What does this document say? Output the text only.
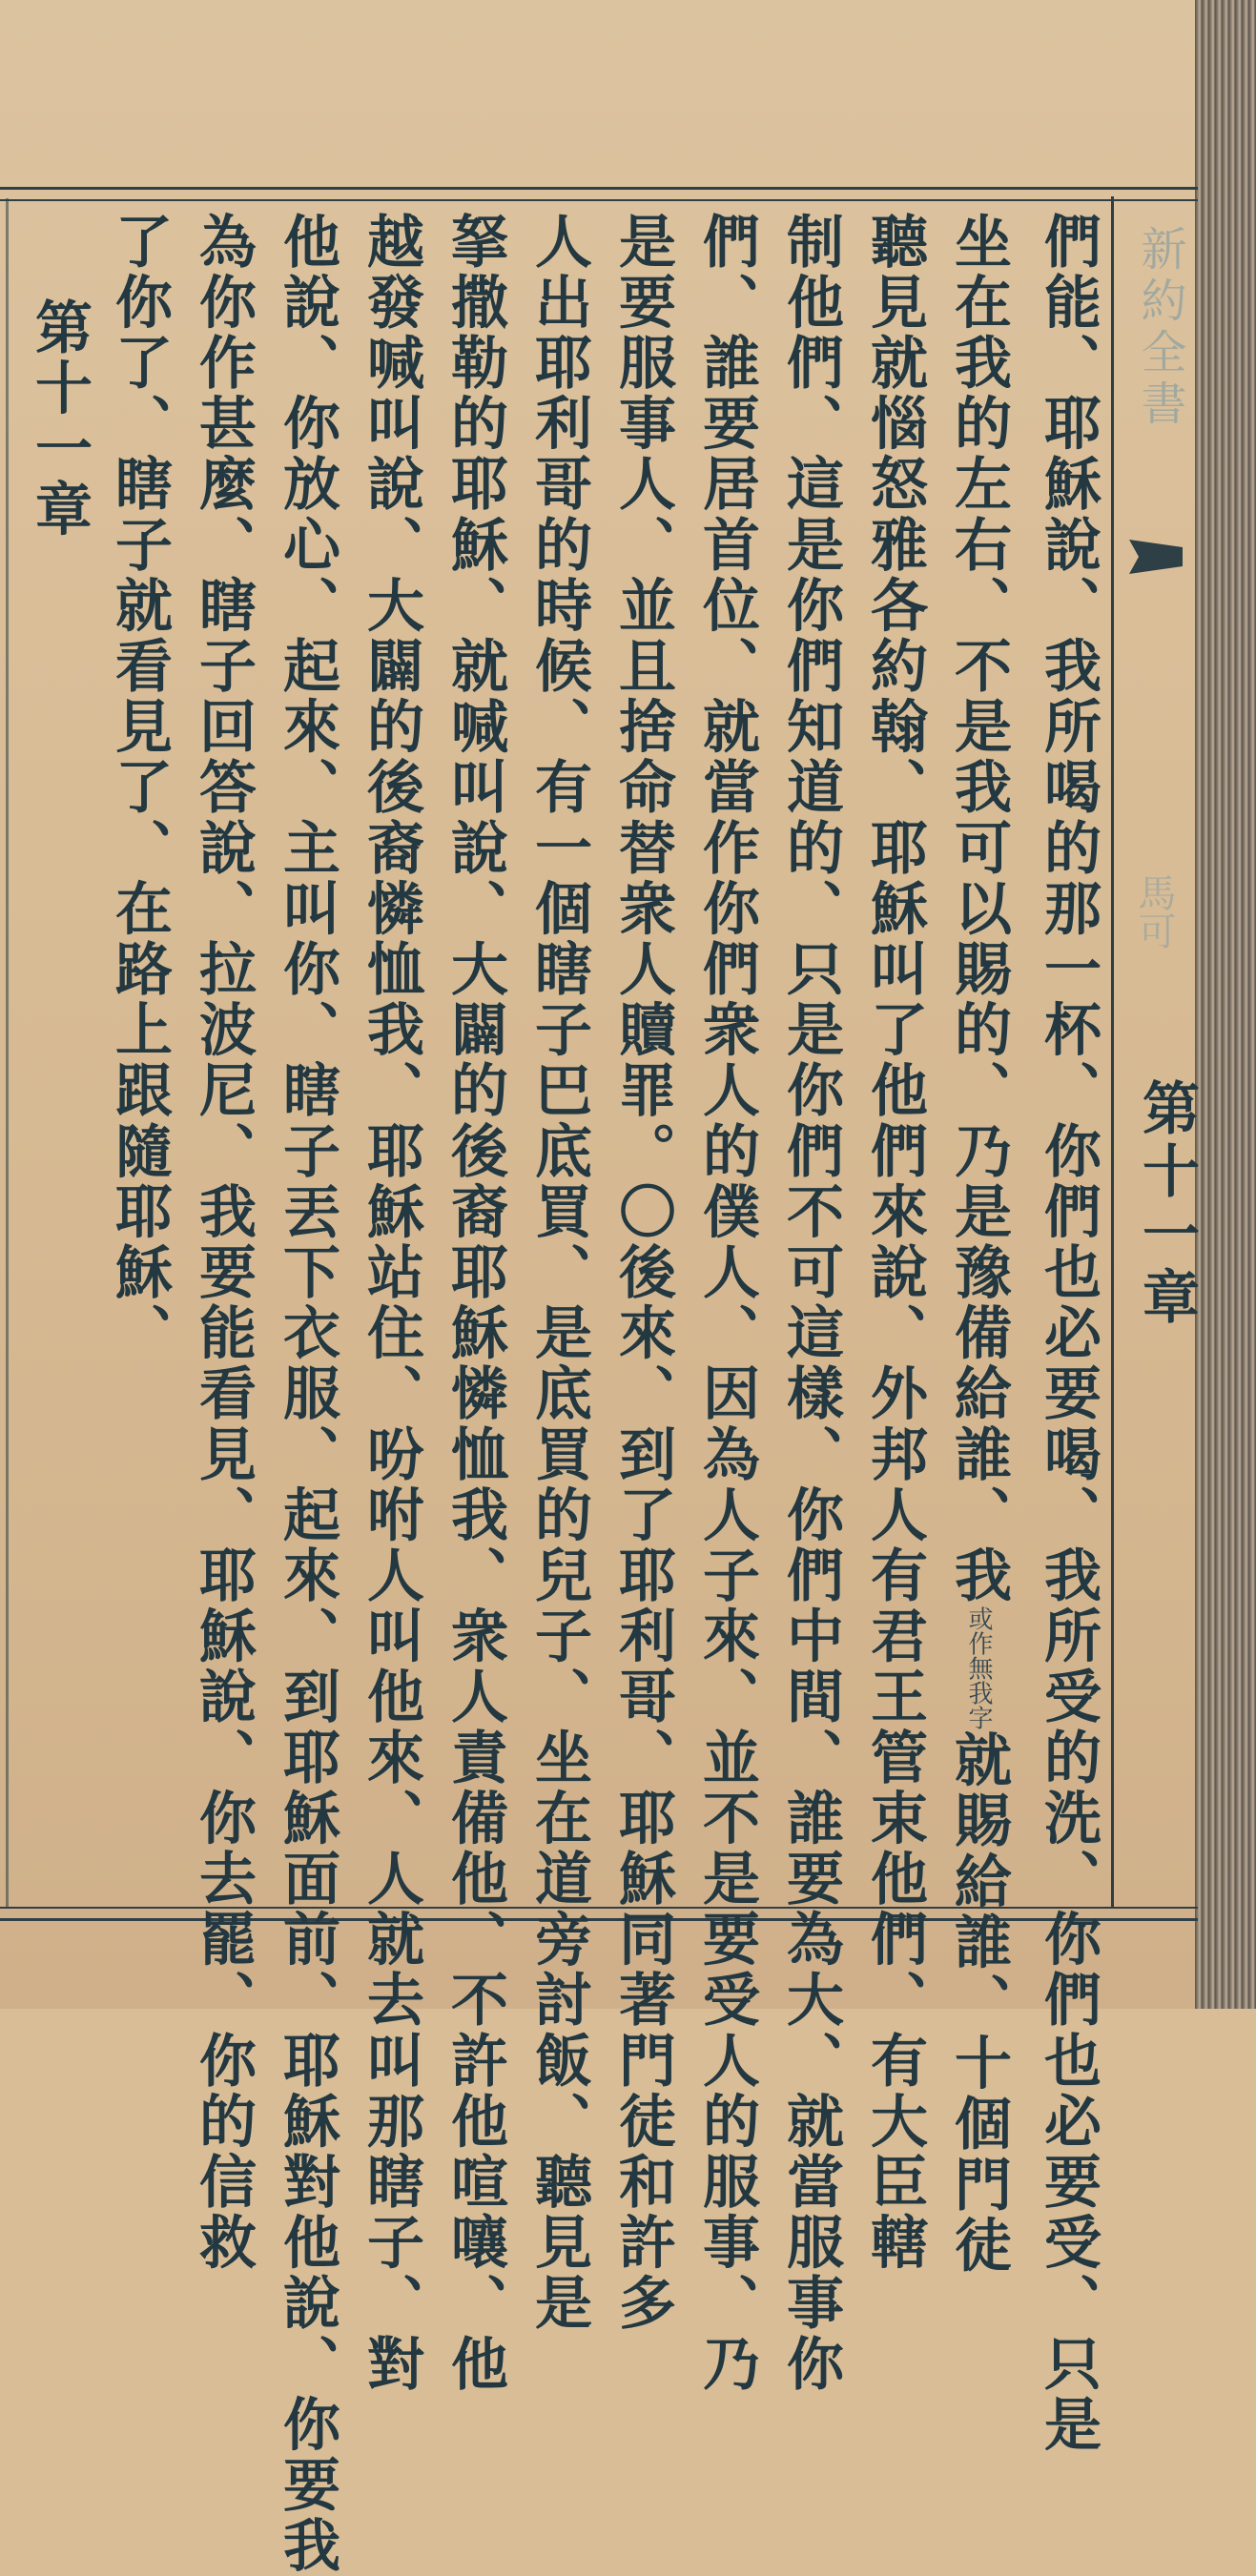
新約全書
馬可
第十一章
們能、耶穌說、我所喝的那一杯、你們也必要喝、我所受的洗、你們也必要受、只是
坐在我的左右、不是我可以賜的、乃是豫備給誰、我或作無我字就賜給誰、十個門徒
聽見就惱怒雅各約翰、耶穌叫了他們來說、外邦人有君王管束他們、有大臣轄
制他們、這是你們知道的、只是你們不可這樣、你們中間、誰要為大、就當服事你
們、誰要居首位、就當作你們衆人的僕人、因為人子來、並不是要受人的服事、乃
是要服事人、並且捨命替衆人贖罪。〇後來、到了耶利哥、耶穌同著門徒和許多
人出耶利哥的時候、有一個瞎子巴底買、是底買的兒子、坐在道旁討飯、聽見是
拏撒勒的耶穌、就喊叫說、大闢的後裔耶穌憐恤我、衆人責備他、不許他喧嚷、他
越發喊叫說、大闢的後裔憐恤我、耶穌站住、吩咐人叫他來、人就去叫那瞎子、對
他說、你放心、起來、主叫你、瞎子丟下衣服、起來、到耶穌面前、耶穌對他說、你要我
為你作甚麼、瞎子回答說、拉波尼、我要能看見、耶穌說、你去罷、你的信救
了你了、瞎子就看見了、在路上跟隨耶穌、
第十一章
